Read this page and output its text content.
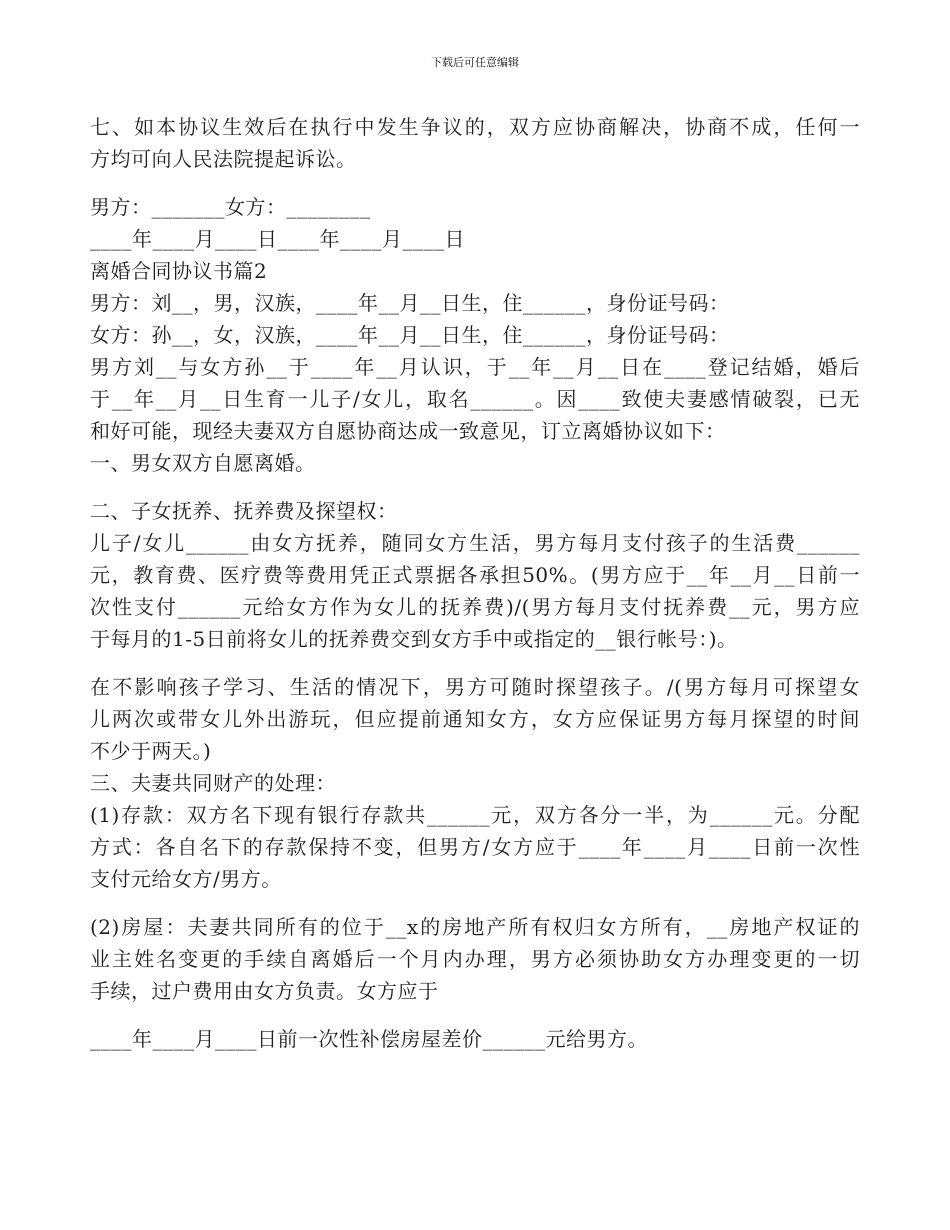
下载后可任意编辑
七、如本协议生效后在执行中发生争议的，双方应协商解决，协商不成，任何一
方均可向人民法院提起诉讼。
男方：_______女方：________
____年____月____日____年____月____日
离婚合同协议书篇2
男方：刘__，男，汉族，____年__月__日生，住______，身份证号码：
女方：孙__，女，汉族，____年__月__日生，住______，身份证号码：
男方刘__与女方孙__于____年__月认识，于__年__月__日在____登记结婚，婚后
于__年__月__日生育一儿子/女儿，取名______。因____致使夫妻感情破裂，已无
和好可能，现经夫妻双方自愿协商达成一致意见，订立离婚协议如下：
一、男女双方自愿离婚。
二、子女抚养、抚养费及探望权：
儿子/女儿______由女方抚养，随同女方生活，男方每月支付孩子的生活费______
元，教育费、医疗费等费用凭正式票据各承担50%。(男方应于__年__月__日前一
次性支付______元给女方作为女儿的抚养费)/(男方每月支付抚养费__元，男方应
于每月的1-5日前将女儿的抚养费交到女方手中或指定的__银行帐号：)。
在不影响孩子学习、生活的情况下，男方可随时探望孩子。/(男方每月可探望女
儿两次或带女儿外出游玩，但应提前通知女方，女方应保证男方每月探望的时间
不少于两天。)
三、夫妻共同财产的处理：
(1)存款：双方名下现有银行存款共______元，双方各分一半，为______元。分配
方式：各自名下的存款保持不变，但男方/女方应于____年____月____日前一次性
支付元给女方/男方。
(2)房屋：夫妻共同所有的位于__x的房地产所有权归女方所有，__房地产权证的
业主姓名变更的手续自离婚后一个月内办理，男方必须协助女方办理变更的一切
手续，过户费用由女方负责。女方应于
____年____月____日前一次性补偿房屋差价______元给男方。
